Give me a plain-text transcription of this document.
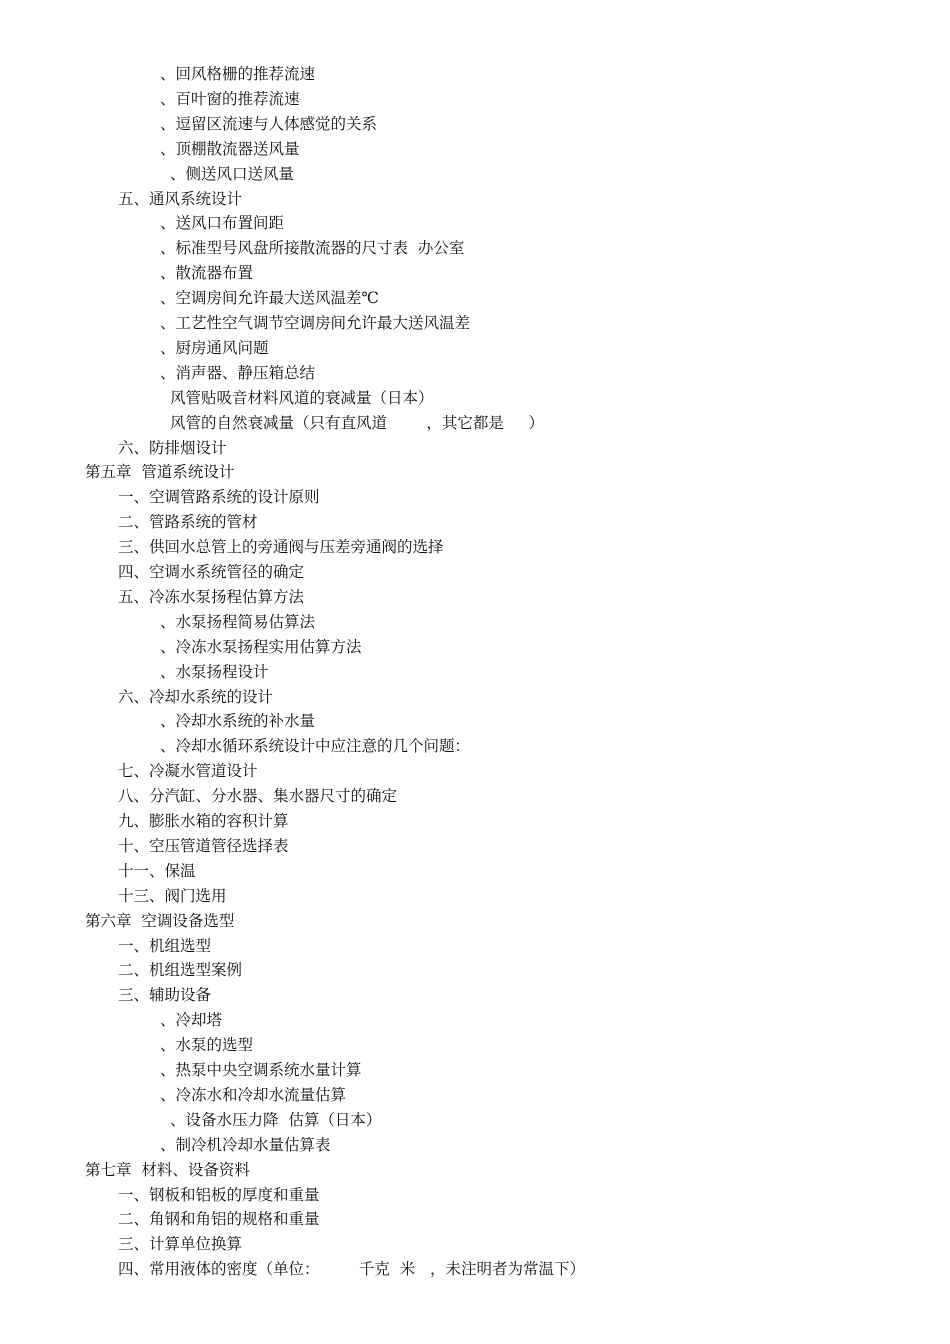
、回风格栅的推荐流速
、百叶窗的推荐流速
、逗留区流速与人体感觉的关系
、顶棚散流器送风量
、侧送风口送风量
五、通风系统设计
、送风口布置间距
、标准型号风盘所接散流器的尺寸表  办公室
、散流器布置
、空调房间允许最大送风温差℃
、工艺性空气调节空调房间允许最大送风温差
、厨房通风问题
、消声器、静压箱总结
风管贴吸音材料风道的衰减量（日本）
风管的自然衰减量（只有直风道        ，其它都是     ）
六、防排烟设计
第五章  管道系统设计
一、空调管路系统的设计原则
二、管路系统的管材
三、供回水总管上的旁通阀与压差旁通阀的选择
四、空调水系统管径的确定
五、冷冻水泵扬程估算方法
、水泵扬程简易估算法
、冷冻水泵扬程实用估算方法
、水泵扬程设计
六、冷却水系统的设计
、冷却水系统的补水量
、冷却水循环系统设计中应注意的几个问题：
七、冷凝水管道设计
八、分汽缸、分水器、集水器尺寸的确定
九、膨胀水箱的容积计算
十、空压管道管径选择表
十一、保温
十三、阀门选用
第六章  空调设备选型
一、机组选型
二、机组选型案例
三、辅助设备
、冷却塔
、水泵的选型
、热泵中央空调系统水量计算
、冷冻水和冷却水流量估算
、设备水压力降  估算（日本）
、制冷机冷却水量估算表
第七章  材料、设备资料
一、钢板和铝板的厚度和重量
二、角钢和角铝的规格和重量
三、计算单位换算
四、常用液体的密度（单位：        千克  米   ，未注明者为常温下）
